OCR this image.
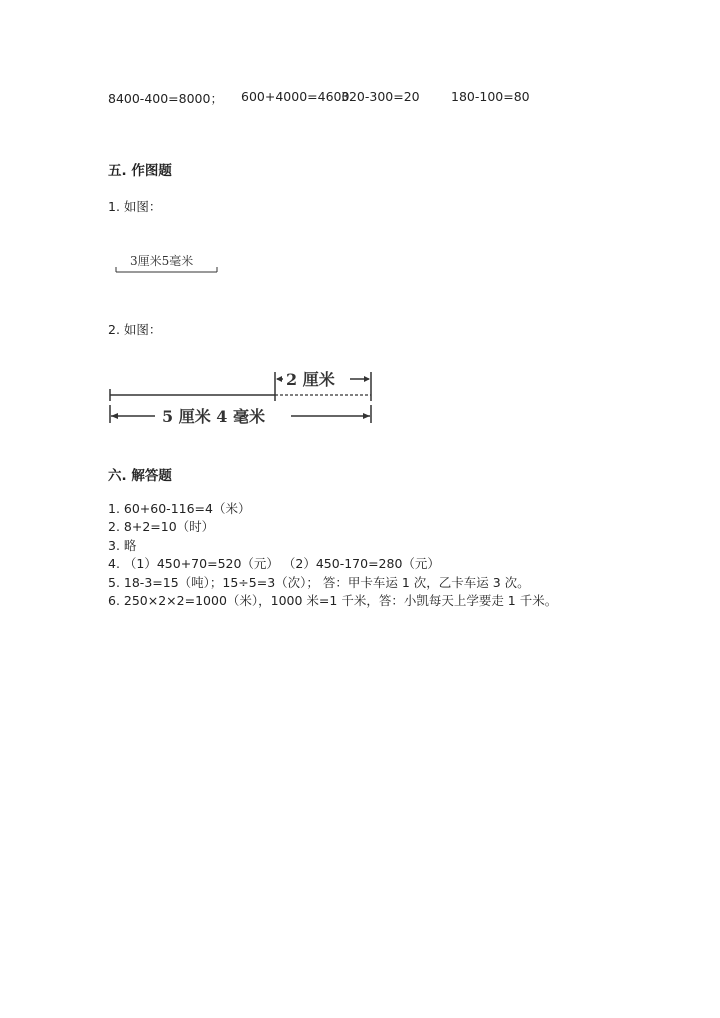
8400-400=8000； 600+4000=4600
320-300=20	180-100=80
五. 作图题
1. 如图：
3厘米5毫米
2. 如图：
2 厘米
5 厘米 4 毫米
六. 解答题
1. 60+60-116=4（米）
2. 8+2=10（时）
3. 略
4. （1）450+70=520（元） （2）450-170=280（元）
5. 18-3=15（吨）；15÷5=3（次）； 答：甲卡车运 1 次，乙卡车运 3 次。
6. 250×2×2=1000（米），1000 米=1 千米，答：小凯每天上学要走 1 千米。
